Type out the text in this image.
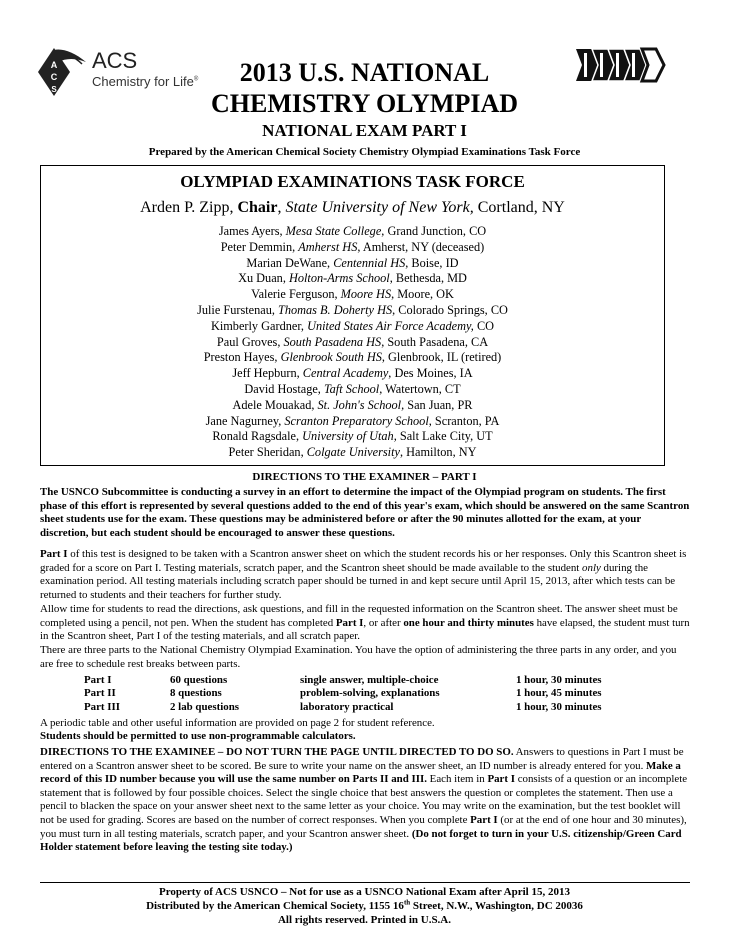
A
C
S
ACS
Chemistry for Life®	2013 U.S. NATIONAL
CHEMISTRY OLYMPIAD
NATIONAL EXAM PART I
Prepared by the American Chemical Society Chemistry Olympiad Examinations Task Force
OLYMPIAD EXAMINATIONS TASK FORCE
Arden P. Zipp, Chair, State University of New York, Cortland, NY
James Ayers, Mesa State College, Grand Junction, CO
Peter Demmin, Amherst HS, Amherst, NY (deceased)
Marian DeWane, Centennial HS, Boise, ID
Xu Duan, Holton-Arms School, Bethesda, MD
Valerie Ferguson, Moore HS, Moore, OK
Julie Furstenau, Thomas B. Doherty HS, Colorado Springs, CO
Kimberly Gardner, United States Air Force Academy, CO
Paul Groves, South Pasadena HS, South Pasadena, CA
Preston Hayes, Glenbrook South HS, Glenbrook, IL (retired)
Jeff Hepburn, Central Academy, Des Moines, IA
David Hostage, Taft School, Watertown, CT
Adele Mouakad, St. John's School, San Juan, PR
Jane Nagurney, Scranton Preparatory School, Scranton, PA
Ronald Ragsdale, University of Utah, Salt Lake City, UT
Peter Sheridan, Colgate University, Hamilton, NY
DIRECTIONS TO THE EXAMINER – PART I
The USNCO Subcommittee is conducting a survey in an effort to determine the impact of the Olympiad program on students. The first phase of this effort is represented by several questions added to the end of this year's exam, which should be answered on the same Scantron sheet students use for the exam. These questions may be administered before or after the 90 minutes allotted for the exam, at your discretion, but each student should be encouraged to answer these questions.
Part I of this test is designed to be taken with a Scantron answer sheet on which the student records his or her responses. Only this Scantron sheet is graded for a score on Part I. Testing materials, scratch paper, and the Scantron sheet should be made available to the student only during the examination period. All testing materials including scratch paper should be turned in and kept secure until April 15, 2013, after which tests can be returned to students and their teachers for further study.
Allow time for students to read the directions, ask questions, and fill in the requested information on the Scantron sheet. The answer sheet must be completed using a pencil, not pen. When the student has completed Part I, or after one hour and thirty minutes have elapsed, the student must turn in the Scantron sheet, Part I of the testing materials, and all scratch paper.
There are three parts to the National Chemistry Olympiad Examination. You have the option of administering the three parts in any order, and you are free to schedule rest breaks between parts.
Part I	60 questions	single answer, multiple-choice	1 hour, 30 minutes
Part II	8 questions	problem-solving, explanations	1 hour, 45 minutes
Part III	2 lab questions	laboratory practical	1 hour, 30 minutes
A periodic table and other useful information are provided on page 2 for student reference.
Students should be permitted to use non-programmable calculators.
DIRECTIONS TO THE EXAMINEE – DO NOT TURN THE PAGE UNTIL DIRECTED TO DO SO. Answers to questions in Part I must be entered on a Scantron answer sheet to be scored. Be sure to write your name on the answer sheet, an ID number is already entered for you. Make a record of this ID number because you will use the same number on Parts II and III. Each item in Part I consists of a question or an incomplete statement that is followed by four possible choices. Select the single choice that best answers the question or completes the statement. Then use a pencil to blacken the space on your answer sheet next to the same letter as your choice. You may write on the examination, but the test booklet will not be used for grading. Scores are based on the number of correct responses. When you complete Part I (or at the end of one hour and 30 minutes), you must turn in all testing materials, scratch paper, and your Scantron answer sheet. (Do not forget to turn in your U.S. citizenship/Green Card Holder statement before leaving the testing site today.)
Property of ACS USNCO – Not for use as a USNCO National Exam after April 15, 2013
Distributed by the American Chemical Society, 1155 16th Street, N.W., Washington, DC 20036
All rights reserved. Printed in U.S.A.
